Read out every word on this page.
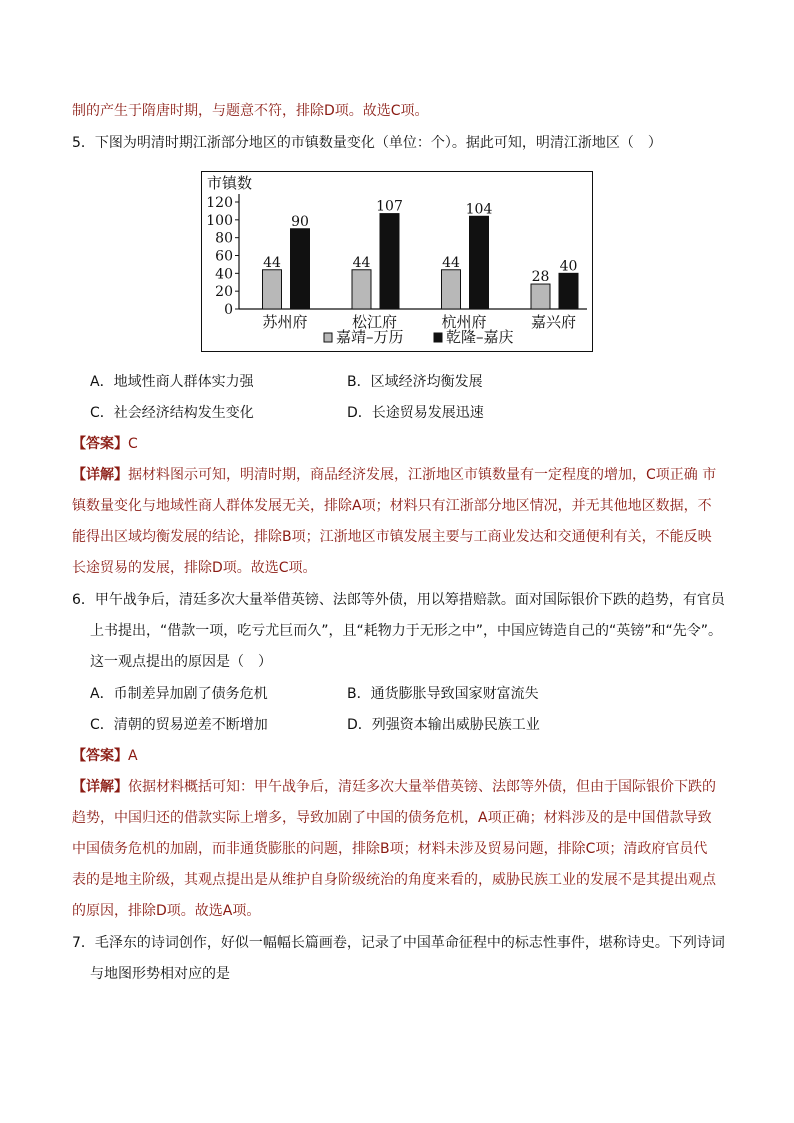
制的产生于隋唐时期，与题意不符，排除D项。故选C项。
5．下图为明清时期江浙部分地区的市镇数量变化（单位：个）。据此可知，明清江浙地区（　）
市镇数
0
20
40
60
80
100
120
44
90
苏州府
44
107
松江府
44
104
杭州府
28
40
嘉兴府
嘉靖–万历	乾隆–嘉庆
A．地域性商人群体实力强	B．区域经济均衡发展
C．社会经济结构发生变化	D．长途贸易发展迅速
【答案】C
【详解】据材料图示可知，明清时期，商品经济发展，江浙地区市镇数量有一定程度的增加，C项正确 市
镇数量变化与地域性商人群体发展无关，排除A项；材料只有江浙部分地区情况，并无其他地区数据，不
能得出区域均衡发展的结论，排除B项；江浙地区市镇发展主要与工商业发达和交通便利有关，不能反映
长途贸易的发展，排除D项。故选C项。
6．甲午战争后，清廷多次大量举借英镑、法郎等外债，用以筹措赔款。面对国际银价下跌的趋势，有官员
上书提出，“借款一项，吃亏尤巨而久”，且“耗物力于无形之中”，中国应铸造自己的“英镑”和“先令”。
这一观点提出的原因是（　）
A．币制差异加剧了债务危机	B．通货膨胀导致国家财富流失
C．清朝的贸易逆差不断增加	D．列强资本输出威胁民族工业
【答案】A
【详解】依据材料概括可知：甲午战争后，清廷多次大量举借英镑、法郎等外债，但由于国际银价下跌的
趋势，中国归还的借款实际上增多，导致加剧了中国的债务危机，A项正确；材料涉及的是中国借款导致
中国债务危机的加剧，而非通货膨胀的问题，排除B项；材料未涉及贸易问题，排除C项；清政府官员代
表的是地主阶级，其观点提出是从维护自身阶级统治的角度来看的，威胁民族工业的发展不是其提出观点
的原因，排除D项。故选A项。
7．毛泽东的诗词创作，好似一幅幅长篇画卷，记录了中国革命征程中的标志性事件，堪称诗史。下列诗词
与地图形势相对应的是
